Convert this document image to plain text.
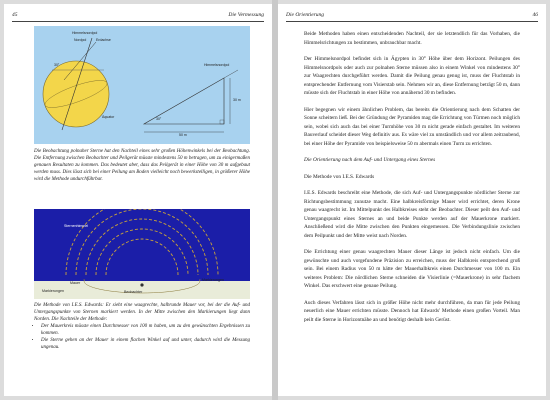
45	Die Vermessung
Himmelsnordpol
Nordpol	Erdachse
30°
Äquator
Himmelsnordpol
30 m
50 m
30°

Die Beobachtung polnaher Sterne hat den Nachteil eines sehr großen Höhenwinkels bei der Beobachtung. Die Entfernung zwischen Beobachter und Peilgerät müsste mindestens 50 m betragen, um zu einigermaßen genauen Resultaten zu kommen. Das bedeutet aber, dass das Peilgerät in einer Höhe von 30 m aufgebaut werden muss. Dies lässt sich bei einer Peilung am Boden vielleicht noch bewerkstelligen, in größerer Höhe wird die Methode undurchführbar.

Sternenhimmel
Mauer
Beobachter
Markierungen
Markierungen

Die Methode von I.E.S. Edwards: Er sieht eine waagrechte, halbrunde Mauer vor, bei der die Auf- und Untergangspunkte von Sternen markiert werden. In der Mitte zwischen den Markierungen liegt dann Norden. Die Nachteile der Methode:

• Der Mauerkreis müsste einen Durchmesser von 100 m haben, um zu den gewünschten Ergebnissen zu kommen.
• Die Sterne gehen an der Mauer in einem flachen Winkel auf und unter, dadurch wird die Messung ungenau.
Die Orientierung	46

Beide Methoden haben einen entscheidenden Nachteil, der sie letztendlich für das Vorhaben, die Himmelsrichtungen zu bestimmen, unbrauchbar macht.

Der Himmelsnordpol befindet sich in Ägypten in 30° Höhe über dem Horizont. Peilungen des Himmelsnordpols oder auch zur polnahen Sterne müssen also in einem Winkel von mindestens 30° zur Waagrechten durchgeführt werden. Damit die Peilung genau genug ist, muss der Fluchtstab in entsprechender Entfernung vom Visierstab sein. Nehmen wir an, diese Entfernung beträgt 50 m, dann müsste sich der Fluchtstab in einer Höhe von annähernd 30 m befinden.

Hier begegnen wir einem ähnlichen Problem, das bereits die Orientierung nach dem Schatten der Sonne scheitern ließ. Bei der Gründung der Pyramiden mag die Errichtung von Türmen noch möglich sein, wobei sich auch das bei einer Turmhöhe von 30 m nicht gerade einfach gestaltet. Im weiteren Bauverlauf scheidet dieser Weg definitiv aus. Es wäre viel zu umständlich und vor allem zeitraubend, bei einer Höhe der Pyramide von beispielsweise 50 m abermals einen Turm zu errichten.

Die Orientierung nach dem Auf- und Untergang eines Sternes

Die Methode von I.E.S. Edwards

I.E.S. Edwards beschreibt eine Methode, die sich Auf- und Untergangspunkte nördlicher Sterne zur Richtungsbestimmung zunutze macht. Eine halbkreisförmige Mauer wird errichtet, deren Krone genau waagrecht ist. Im Mittelpunkt des Halbkreises steht der Beobachter. Dieser peilt den Auf- und Untergangspunkt eines Sternes an und beide Punkte werden auf der Mauerkrone markiert. Anschließend wird die Mitte zwischen den Punkten eingemessen. Die Verbindungslinie zwischen dem Peilpunkt und der Mitte weist nach Norden.

Die Errichtung einer genau waagrechten Mauer dieser Länge ist jedoch nicht einfach. Um die gewünschte und auch vorgefundene Präzision zu erreichen, muss der Halbkreis entsprechend groß sein. Bei einem Radius von 50 m hätte der Mauerhalbkreis einen Durchmesser von 100 m. Ein weiteres Problem: Die nördlichen Sterne schneiden die Visierlinie (=Mauerkrone) in sehr flachem Winkel. Das erschwert eine genaue Peilung.

Auch dieses Verfahren lässt sich in größer Höhe nicht mehr durchführen, da man für jede Peilung neuerlich eine Mauer errichten müsste. Dennoch hat Edwards' Methode einen großen Vorteil. Man peilt die Sterne in Horizontnähe an und benötigt deshalb kein Gerüst.
